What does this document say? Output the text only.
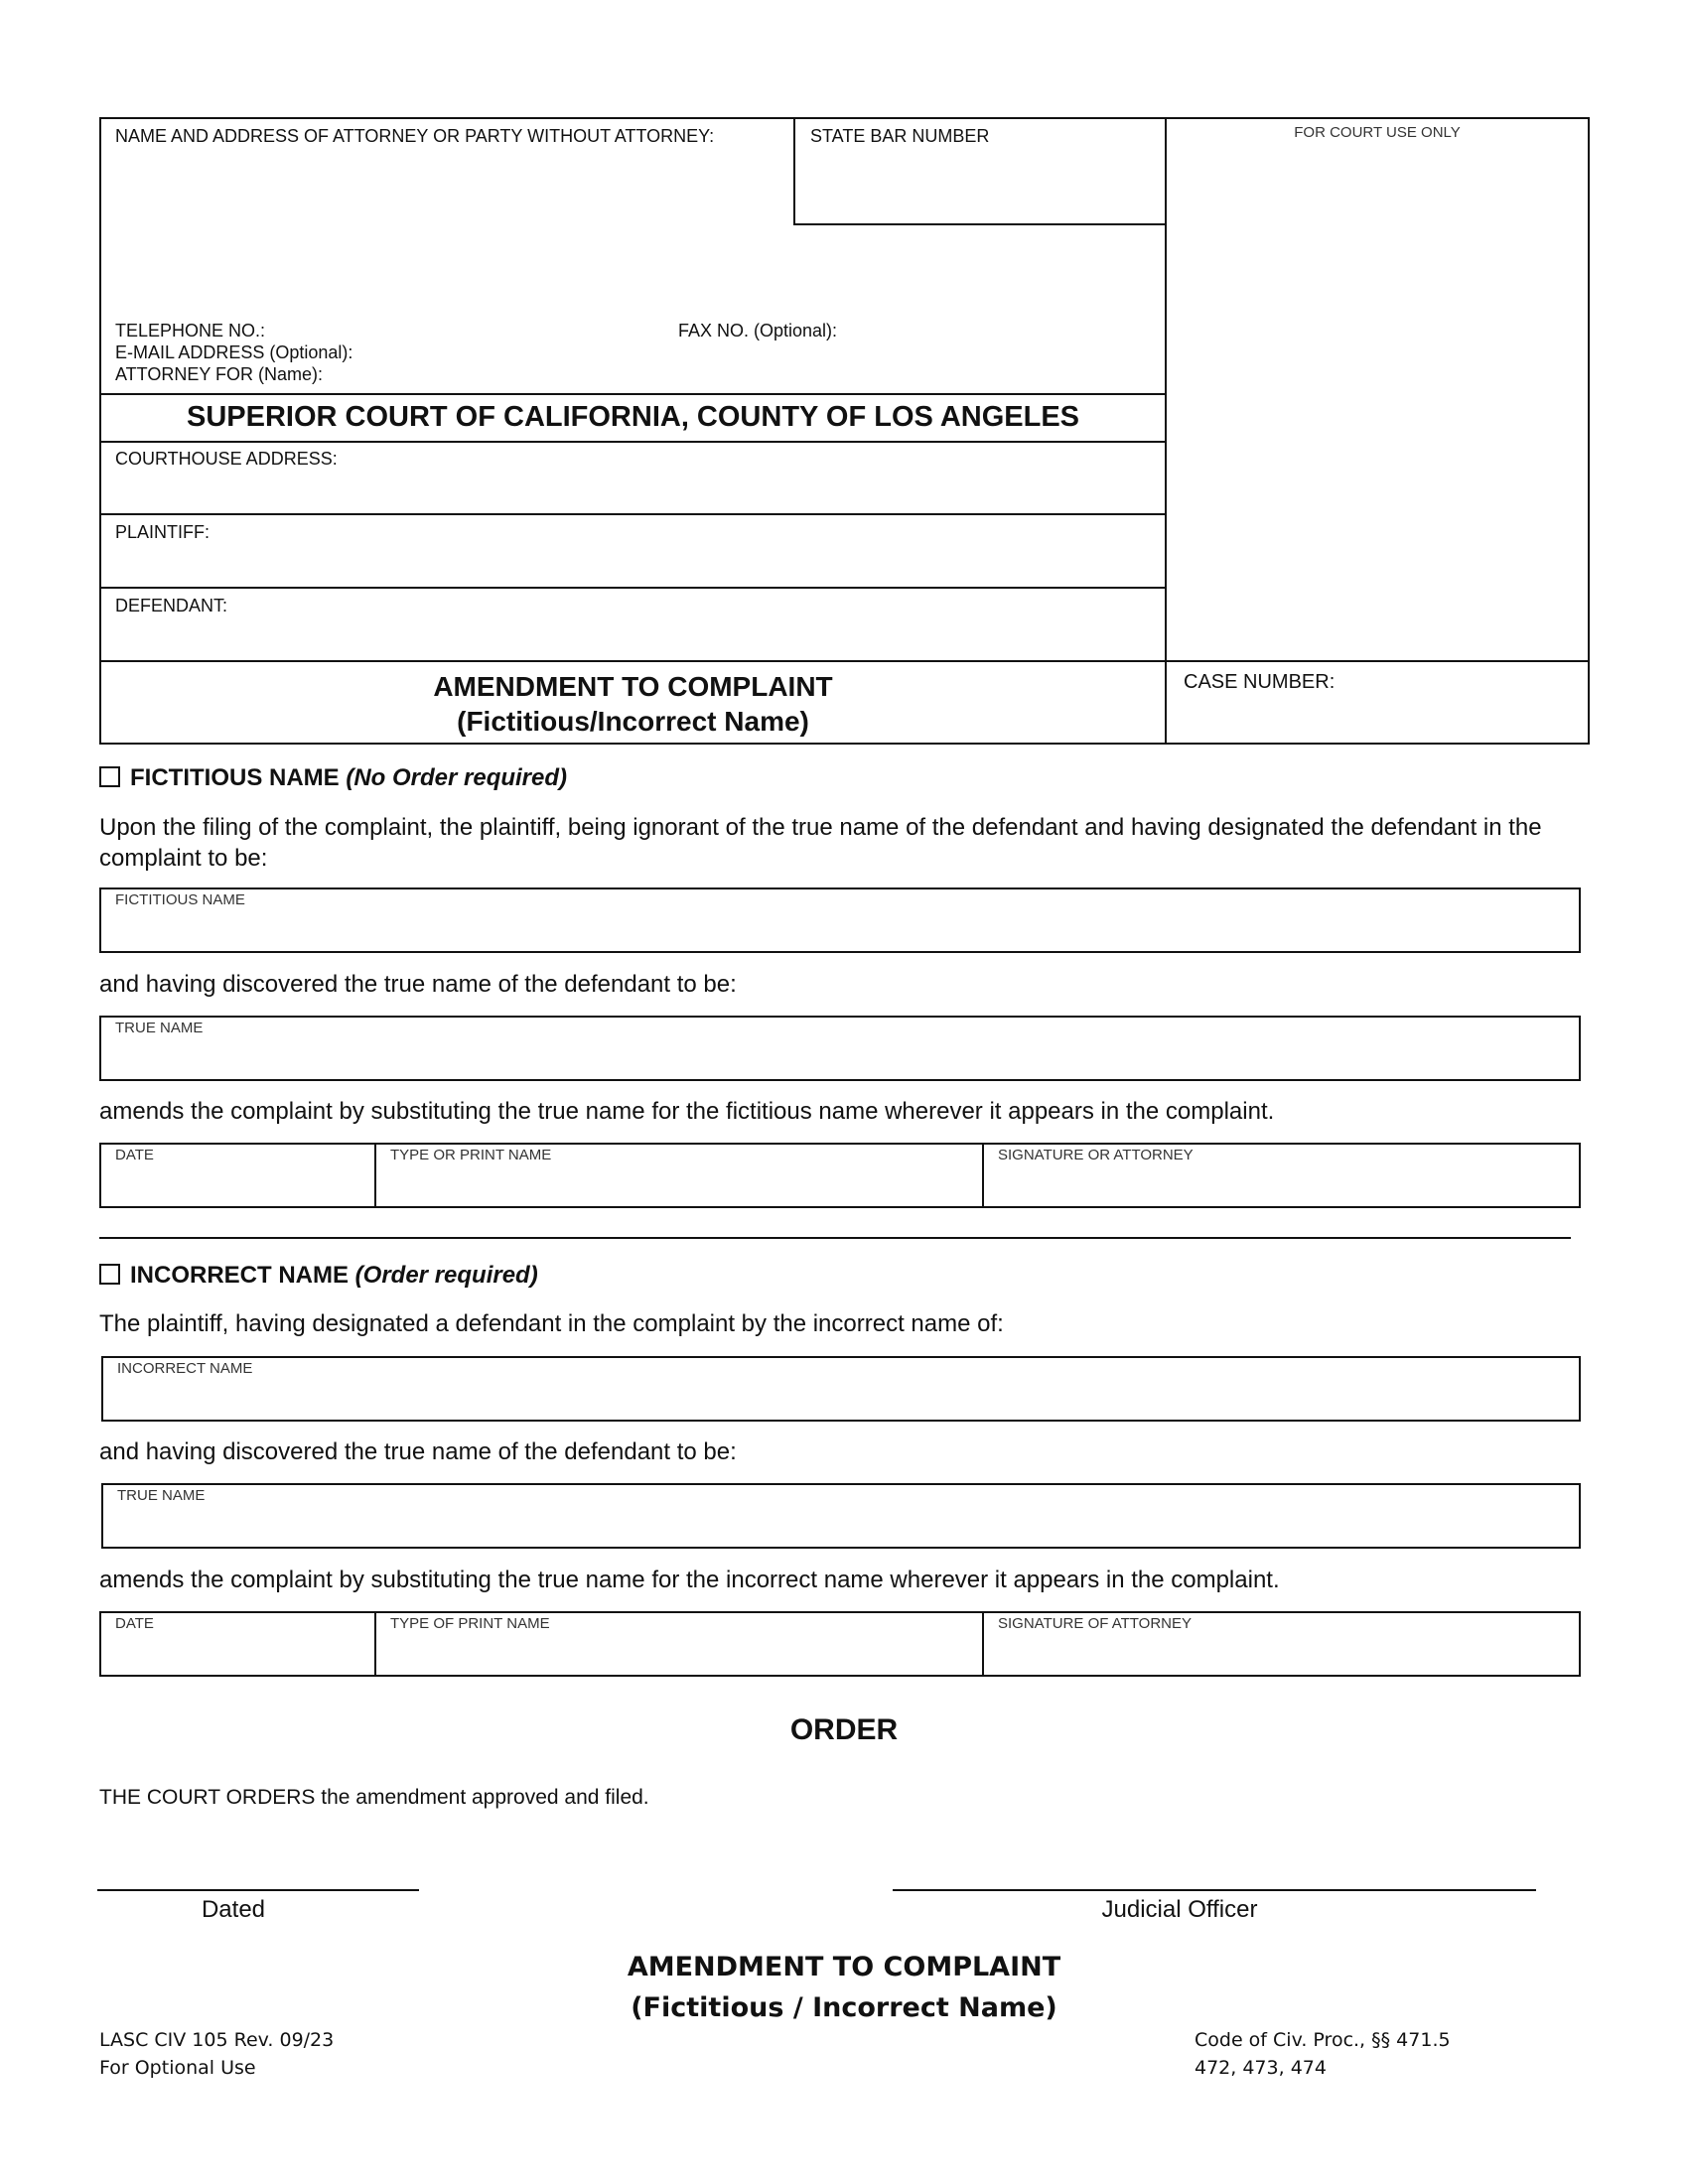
NAME AND ADDRESS OF ATTORNEY OR PARTY WITHOUT ATTORNEY:	STATE BAR NUMBER	FOR COURT USE ONLY
TELEPHONE NO.:	FAX NO. (Optional):
E-MAIL ADDRESS (Optional):
ATTORNEY FOR (Name):
SUPERIOR COURT OF CALIFORNIA, COUNTY OF LOS ANGELES
COURTHOUSE ADDRESS:
PLAINTIFF:
DEFENDANT:
AMENDMENT TO COMPLAINT
(Fictitious/Incorrect Name)
CASE NUMBER:
FICTITIOUS NAME (No Order required)
Upon the filing of the complaint, the plaintiff, being ignorant of the true name of the defendant and having designated the defendant in the complaint to be:
FICTITIOUS NAME
and having discovered the true name of the defendant to be:
TRUE NAME
amends the complaint by substituting the true name for the fictitious name wherever it appears in the complaint.
DATE	TYPE OR PRINT NAME	SIGNATURE OR ATTORNEY
INCORRECT NAME (Order required)
The plaintiff, having designated a defendant in the complaint by the incorrect name of:
INCORRECT NAME
and having discovered the true name of the defendant to be:
TRUE NAME
amends the complaint by substituting the true name for the incorrect name wherever it appears in the complaint.
DATE	TYPE OF PRINT NAME	SIGNATURE OF ATTORNEY
ORDER
THE COURT ORDERS the amendment approved and filed.
Dated	Judicial Officer
AMENDMENT TO COMPLAINT
(Fictitious / Incorrect Name)
LASC CIV 105 Rev. 09/23
For Optional Use
Code of Civ. Proc., §§ 471.5
472, 473, 474
